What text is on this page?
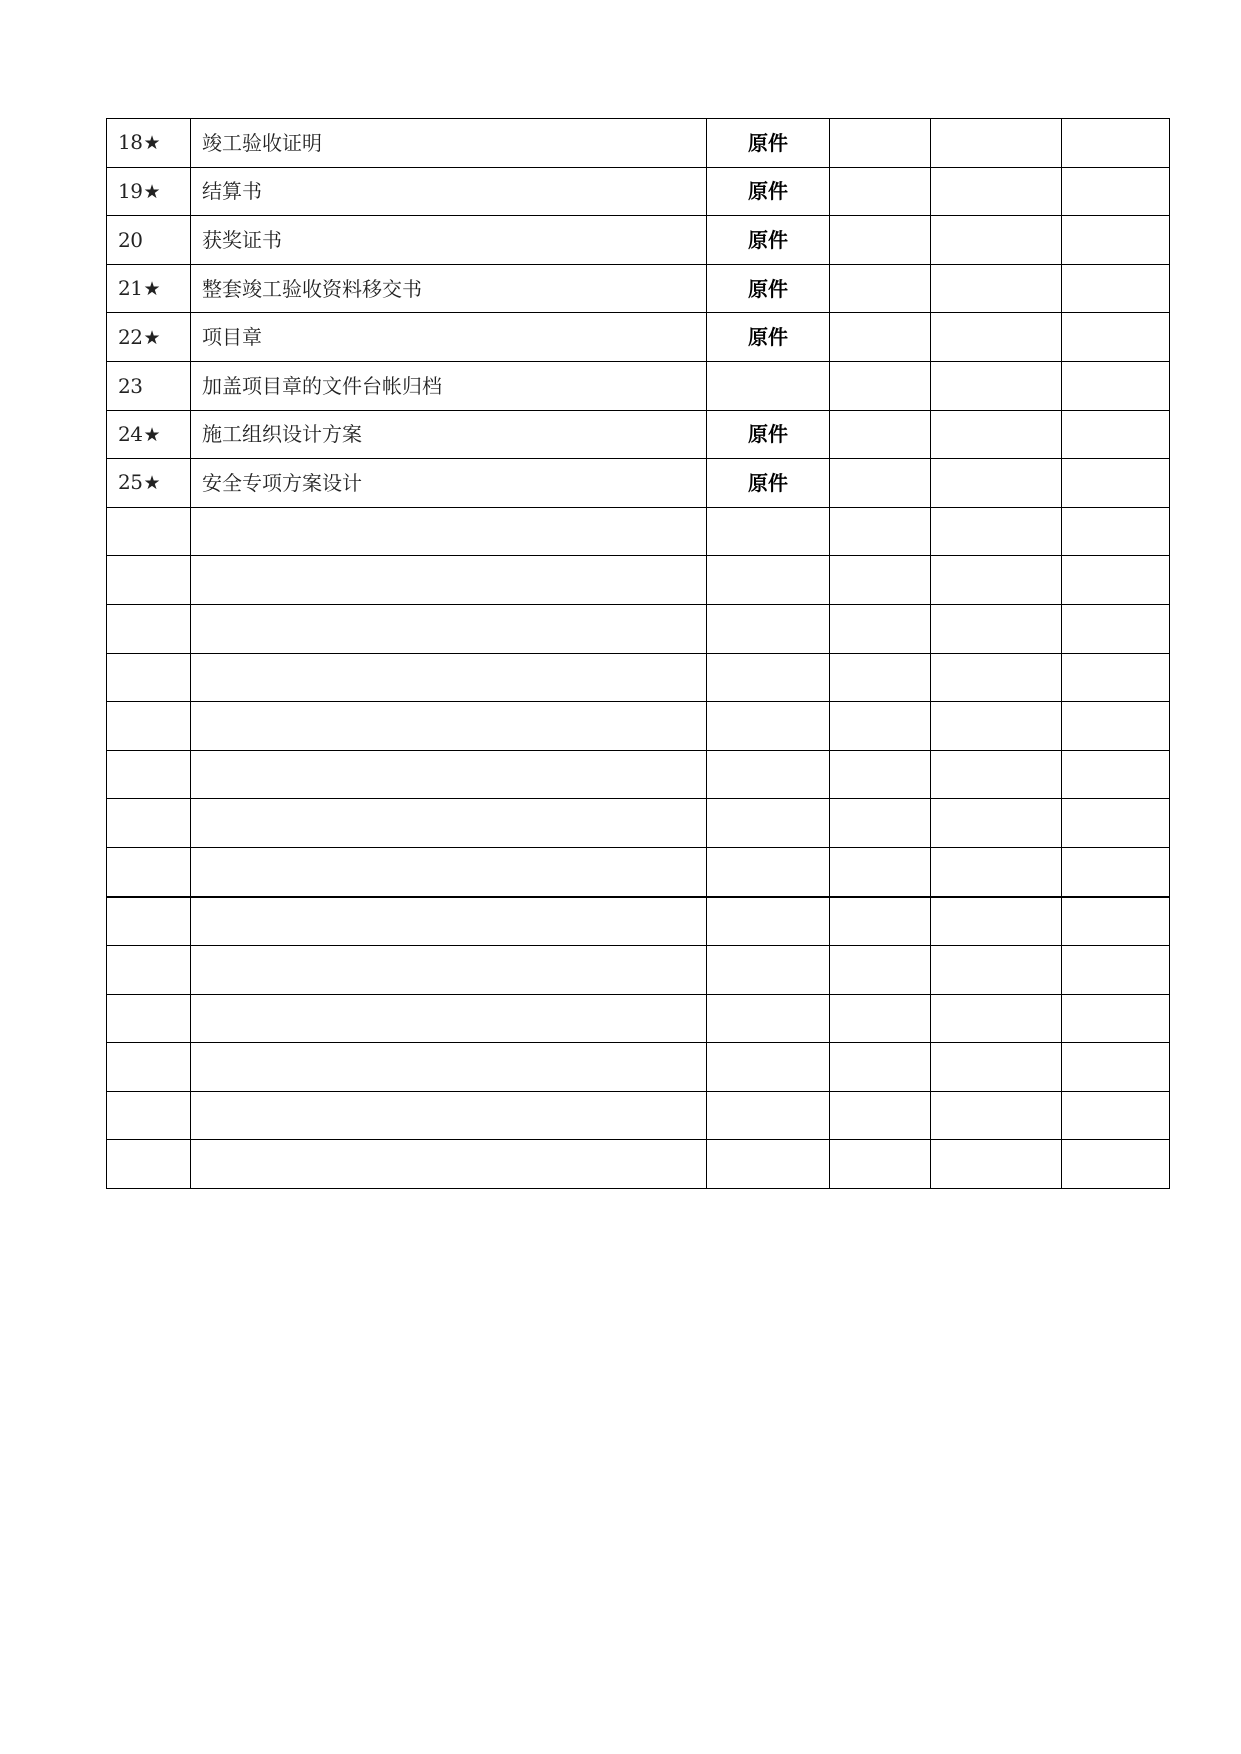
18★	竣工验收证明	原件			
19★	结算书	原件			
20	获奖证书	原件			
21★	整套竣工验收资料移交书	原件			
22★	项目章	原件			
23	加盖项目章的文件台帐归档				
24★	施工组织设计方案	原件			
25★	安全专项方案设计	原件			
